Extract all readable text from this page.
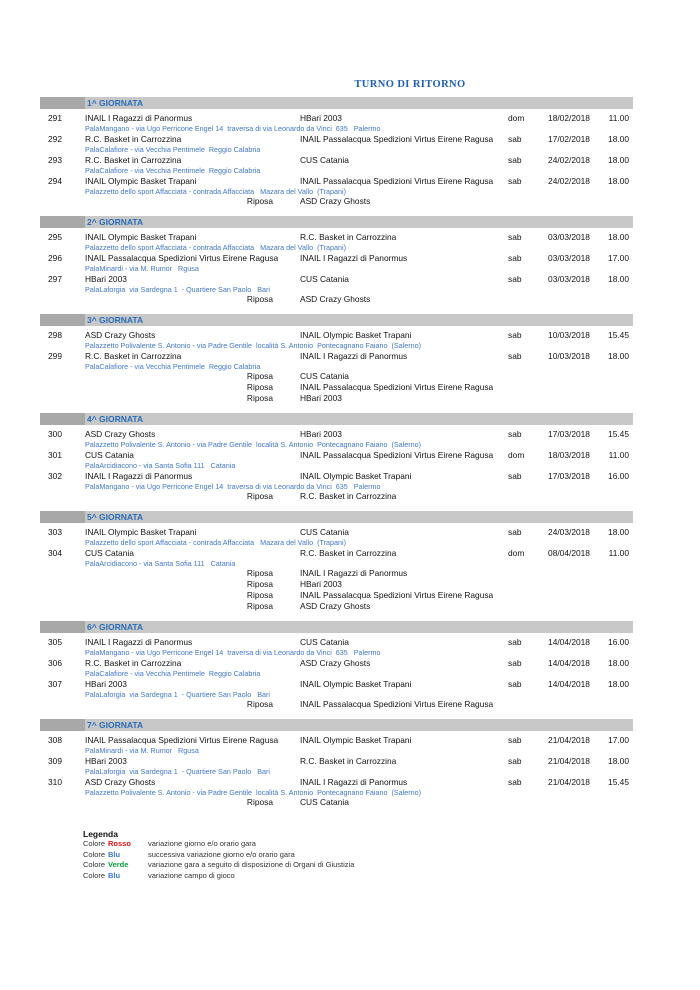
TURNO DI RITORNO
1^ GIORNATA
291	INAIL I Ragazzi di Panormus	HBari 2003	dom	18/02/2018	11.00
PalaMangano - via Ugo Perricone Engel 14  traversa di via Leonardo da Vinci  635   Palermo
292	R.C. Basket in Carrozzina	INAIL Passalacqua Spedizioni Virtus Eirene Ragusa	sab	17/02/2018	18.00
PalaCalafiore - via Vecchia Pentimele  Reggio Calabria
293	R.C. Basket in Carrozzina	CUS Catania	sab	24/02/2018	18.00
PalaCalafiore - via Vecchia Pentimele  Reggio Calabria
294	INAIL Olympic Basket Trapani	INAIL Passalacqua Spedizioni Virtus Eirene Ragusa	sab	24/02/2018	18.00
Palazzetto dello sport Affacciata - contrada Affacciata   Mazara del Vallo  (Trapani)
Riposa	ASD Crazy Ghosts
2^ GIORNATA
295	INAIL Olympic Basket Trapani	R.C. Basket in Carrozzina	sab	03/03/2018	18.00
Palazzetto dello sport Affacciata - contrada Affacciata   Mazara del Vallo  (Trapani)
296	INAIL Passalacqua Spedizioni Virtus Eirene Ragusa	INAIL I Ragazzi di Panormus	sab	03/03/2018	17.00
PalaMinardi - via M. Rumor   Rgusa
297	HBari 2003	CUS Catania	sab	03/03/2018	18.00
PalaLaforgia  via Sardegna 1  - Quartiere San Paolo   Bari
Riposa	ASD Crazy Ghosts
3^ GIORNATA
298	ASD Crazy Ghosts	INAIL Olympic Basket Trapani	sab	10/03/2018	15.45
Palazzetto Polivalente S. Antonio - via Padre Gentile  località S. Antonio  Pontecagnano Faiano  (Salerno)
299	R.C. Basket in Carrozzina	INAIL I Ragazzi di Panormus	sab	10/03/2018	18.00
PalaCalafiore - via Vecchia Pentimele  Reggio Calabria
Riposa	CUS Catania
Riposa	INAIL Passalacqua Spedizioni Virtus Eirene Ragusa
Riposa	HBari 2003
4^ GIORNATA
300	ASD Crazy Ghosts	HBari 2003	sab	17/03/2018	15.45
Palazzetto Polivalente S. Antonio - via Padre Gentile  località S. Antonio  Pontecagnano Faiano  (Salerno)
301	CUS Catania	INAIL Passalacqua Spedizioni Virtus Eirene Ragusa	dom	18/03/2018	11.00
PalaArcidiacono - via Santa Sofia 111   Catania
302	INAIL I Ragazzi di Panormus	INAIL Olympic Basket Trapani	sab	17/03/2018	16.00
PalaMangano - via Ugo Perricone Engel 14  traversa di via Leonardo da Vinci  635   Palermo
Riposa	R.C. Basket in Carrozzina
5^ GIORNATA
303	INAIL Olympic Basket Trapani	CUS Catania	sab	24/03/2018	18.00
Palazzetto dello sport Affacciata - contrada Affacciata   Mazara del Vallo  (Trapani)
304	CUS Catania	R.C. Basket in Carrozzina	dom	08/04/2018	11.00
PalaArcidiacono - via Santa Sofia 111   Catania
Riposa	INAIL I Ragazzi di Panormus
Riposa	HBari 2003
Riposa	INAIL Passalacqua Spedizioni Virtus Eirene Ragusa
Riposa	ASD Crazy Ghosts
6^ GIORNATA
305	INAIL I Ragazzi di Panormus	CUS Catania	sab	14/04/2018	16.00
PalaMangano - via Ugo Perricone Engel 14  traversa di via Leonardo da Vinci  635   Palermo
306	R.C. Basket in Carrozzina	ASD Crazy Ghosts	sab	14/04/2018	18.00
PalaCalafiore - via Vecchia Pentimele  Reggio Calabria
307	HBari 2003	INAIL Olympic Basket Trapani	sab	14/04/2018	18.00
PalaLaforgia  via Sardegna 1  - Quartiere San Paolo   Bari
Riposa	INAIL Passalacqua Spedizioni Virtus Eirene Ragusa
7^ GIORNATA
308	INAIL Passalacqua Spedizioni Virtus Eirene Ragusa	INAIL Olympic Basket Trapani	sab	21/04/2018	17.00
PalaMinardi - via M. Rumor   Rgusa
309	HBari 2003	R.C. Basket in Carrozzina	sab	21/04/2018	18.00
PalaLaforgia  via Sardegna 1  - Quartiere San Paolo   Bari
310	ASD Crazy Ghosts	INAIL I Ragazzi di Panormus	sab	21/04/2018	15.45
Palazzetto Polivalente S. Antonio - via Padre Gentile  località S. Antonio  Pontecagnano Faiano  (Salerno)
Riposa	CUS Catania
Legenda
Colore Rosso	variazione giorno e/o orario gara
Colore Blu	successiva variazione giorno e/o orario gara
Colore Verde	variazione gara a seguito di disposizione di Organi di Giustizia
Colore Blu	variazione campo di gioco
